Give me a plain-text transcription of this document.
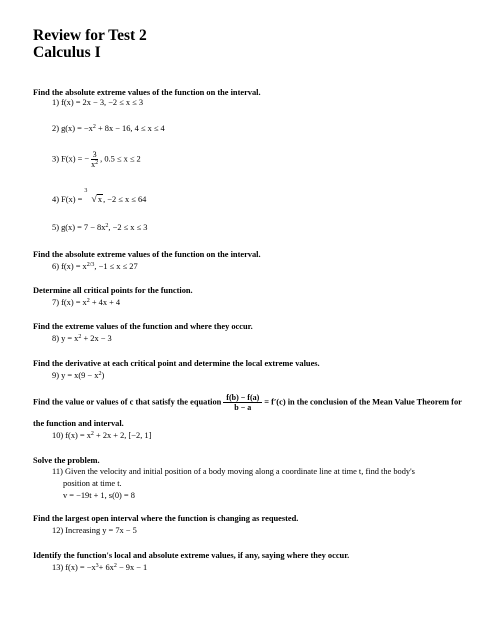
Review for Test 2
Calculus I
Find the absolute extreme values of the function on the interval.
1) f(x) = 2x − 3, −2 ≤ x ≤ 3
2) $g(x) = -x^2 + 8x - 16$, 4 ≤ x ≤ 4
3) F(x) = − $\frac{3}{x^2}$ , 0.5 ≤ x ≤ 2
4) F(x) =
3
√x, −2 ≤ x ≤ 64
5) $g(x) = 7 - 8x^2$, −2 ≤ x ≤ 3
Find the absolute extreme values of the function on the interval.
6) $f(x) = x^{2/3}$, −1 ≤ x ≤ 27
Determine all critical points for the function.
7) $f(x) = x^2 + 4x + 4$
Find the extreme values of the function and where they occur.
8) $y = x^2 + 2x - 3$
Find the derivative at each critical point and determine the local extreme values.
9) $y = x(9 - x^2)$
Find the value or values of c that satisfy the equation $\frac{f(b) - f(a)}{b - a} = f'(c)$ in the conclusion of the Mean Value Theorem for
the function and interval.
10) $f(x) = x^2 + 2x + 2$, [−2, 1]
Solve the problem.
11) Given the velocity and initial position of a body moving along a coordinate line at time t, find the body's
position at time t.
v = −19t + 1, s(0) = 8
Find the largest open interval where the function is changing as requested.
12) Increasing y = 7x − 5
Identify the function's local and absolute extreme values, if any, saying where they occur.
13) $f(x) = -x^3+ 6x^2 - 9x - 1$
